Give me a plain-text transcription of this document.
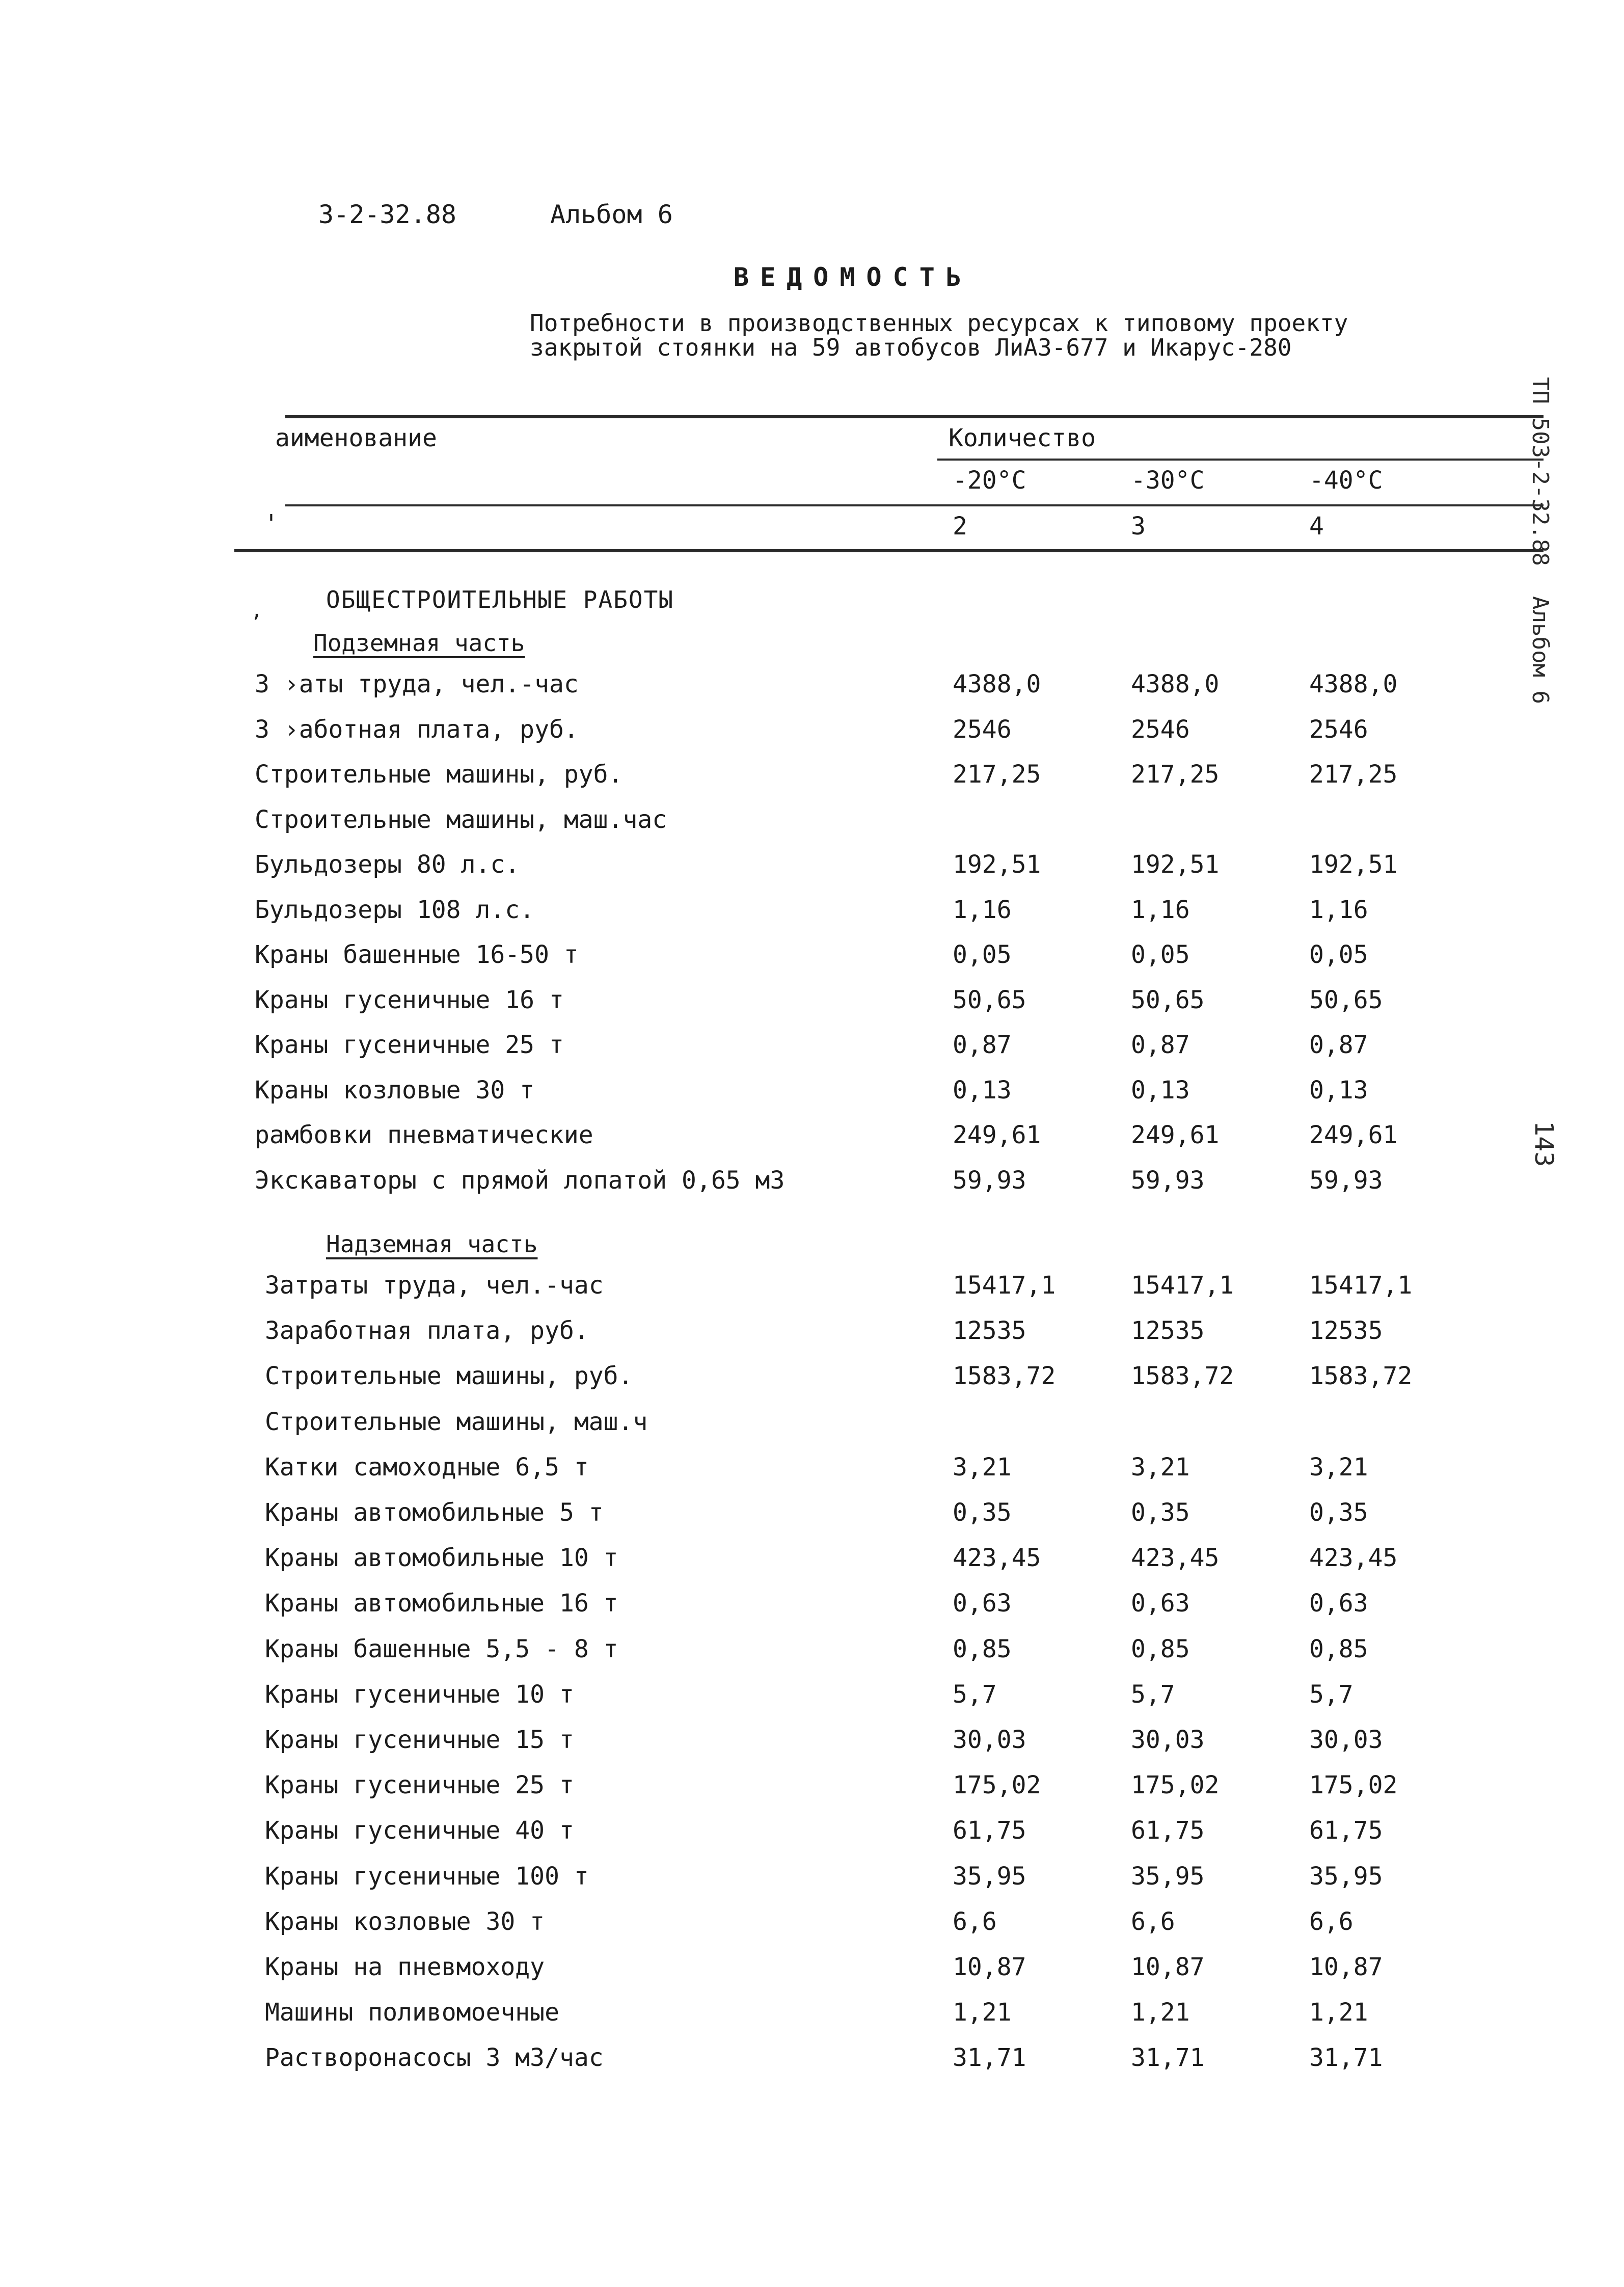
3-2-32.88	Альбом 6
ВЕДОМОСТЬ
Потребности в производственных ресурсах к типовому проекту
закрытой стоянки на 59 автобусов ЛиАЗ-677 и Икарус-280
аименование	Количество
-20°С	-30°С	-40°С
'	2	3	4
‚	ОБЩЕСТРОИТЕЛЬНЫЕ РАБОТЫ
Подземная часть
3 ›аты труда, чел.-час	4388,0	4388,0	4388,0
3 ›аботная плата, руб.	2546	2546	2546
Строительные машины, руб.	217,25	217,25	217,25
Строительные машины, маш.час
Бульдозеры 80 л.с.	192,51	192,51	192,51
Бульдозеры 108 л.с.	1,16	1,16	1,16
Краны башенные 16-50 т	0,05	0,05	0,05
Краны гусеничные 16 т	50,65	50,65	50,65
Краны гусеничные 25 т	0,87	0,87	0,87
Краны козловые 30 т	0,13	0,13	0,13
рамбовки пневматические	249,61	249,61	249,61
Экскаваторы с прямой лопатой 0,65 м3	59,93	59,93	59,93
Надземная часть
Затраты труда, чел.-час	15417,1	15417,1	15417,1
Заработная плата, руб.	12535	12535	12535
Строительные машины, руб.	1583,72	1583,72	1583,72
Строительные машины, маш.ч
Катки самоходные 6,5 т	3,21	3,21	3,21
Краны автомобильные 5 т	0,35	0,35	0,35
Краны автомобильные 10 т	423,45	423,45	423,45
Краны автомобильные 16 т	0,63	0,63	0,63
Краны башенные 5,5 - 8 т	0,85	0,85	0,85
Краны гусеничные 10 т	5,7	5,7	5,7
Краны гусеничные 15 т	30,03	30,03	30,03
Краны гусеничные 25 т	175,02	175,02	175,02
Краны гусеничные 40 т	61,75	61,75	61,75
Краны гусеничные 100 т	35,95	35,95	35,95
Краны козловые 30 т	6,6	6,6	6,6
Краны на пневмоходу	10,87	10,87	10,87
Машины поливомоечные	1,21	1,21	1,21
Растворонасосы 3 м3/час	31,71	31,71	31,71
ТП 503-2-32.88
Альбом 6
143
